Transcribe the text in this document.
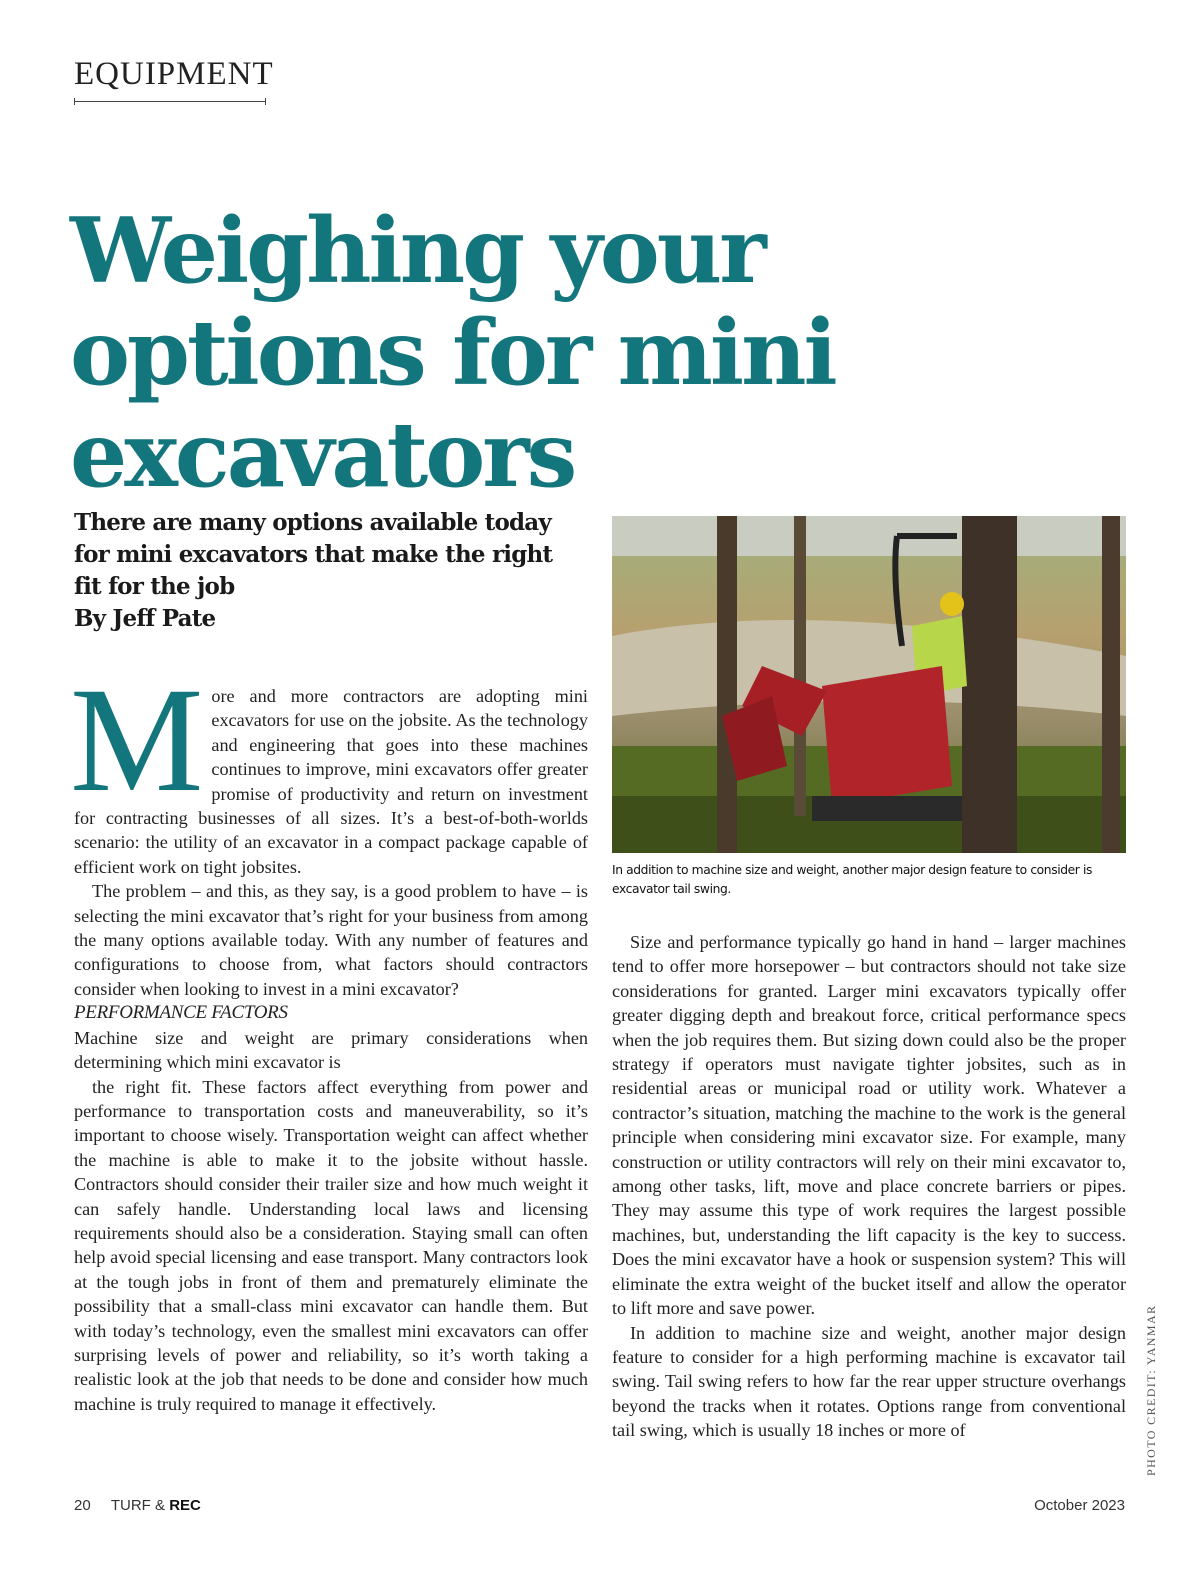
EQUIPMENT
Weighing your options for mini excavators
There are many options available today
for mini excavators that make the right
fit for the job
By Jeff Pate

More and more contractors are adopting mini excavators for use on the jobsite. As the technology and engineering that goes into these machines continues to improve, mini excavators offer greater promise of productivity and return on investment for contracting businesses of all sizes. It’s a best-of-both-worlds scenario: the utility of an excavator in a compact package capable of efficient work on tight jobsites.

The problem – and this, as they say, is a good problem to have – is selecting the mini excavator that’s right for your business from among the many options available today. With any number of features and configurations to choose from, what factors should contractors consider when looking to invest in a mini excavator?

PERFORMANCE FACTORS

Machine size and weight are primary considerations when determining which mini excavator is

the right fit. These factors affect everything from power and performance to transportation costs and maneuverability, so it’s important to choose wisely. Transportation weight can affect whether the machine is able to make it to the jobsite without hassle. Contractors should consider their trailer size and how much weight it can safely handle. Understanding local laws and licensing requirements should also be a consideration. Staying small can often help avoid special licensing and ease transport. Many contractors look at the tough jobs in front of them and prematurely eliminate the possibility that a small-class mini excavator can handle them. But with today’s technology, even the smallest mini excavators can offer surprising levels of power and reliability, so it’s worth taking a realistic look at the job that needs to be done and consider how much machine is truly required to manage it effectively.

In addition to machine size and weight, another major design feature to consider is excavator tail swing.
PHOTO CREDIT: YANMAR

Size and performance typically go hand in hand – larger machines tend to offer more horsepower – but contractors should not take size considerations for granted. Larger mini excavators typically offer greater digging depth and breakout force, critical performance specs when the job requires them. But sizing down could also be the proper strategy if operators must navigate tighter jobsites, such as in residential areas or municipal road or utility work. Whatever a contractor’s situation, matching the machine to the work is the general principle when considering mini excavator size. For example, many construction or utility contractors will rely on their mini excavator to, among other tasks, lift, move and place concrete barriers or pipes. They may assume this type of work requires the largest possible machines, but, understanding the lift capacity is the key to success. Does the mini excavator have a hook or suspension system? This will eliminate the extra weight of the bucket itself and allow the operator to lift more and save power.

In addition to machine size and weight, another major design feature to consider for a high performing machine is excavator tail swing. Tail swing refers to how far the rear upper structure overhangs beyond the tracks when it rotates. Options range from conventional tail swing, which is usually 18 inches or more of

20 TURF & REC	October 2023
